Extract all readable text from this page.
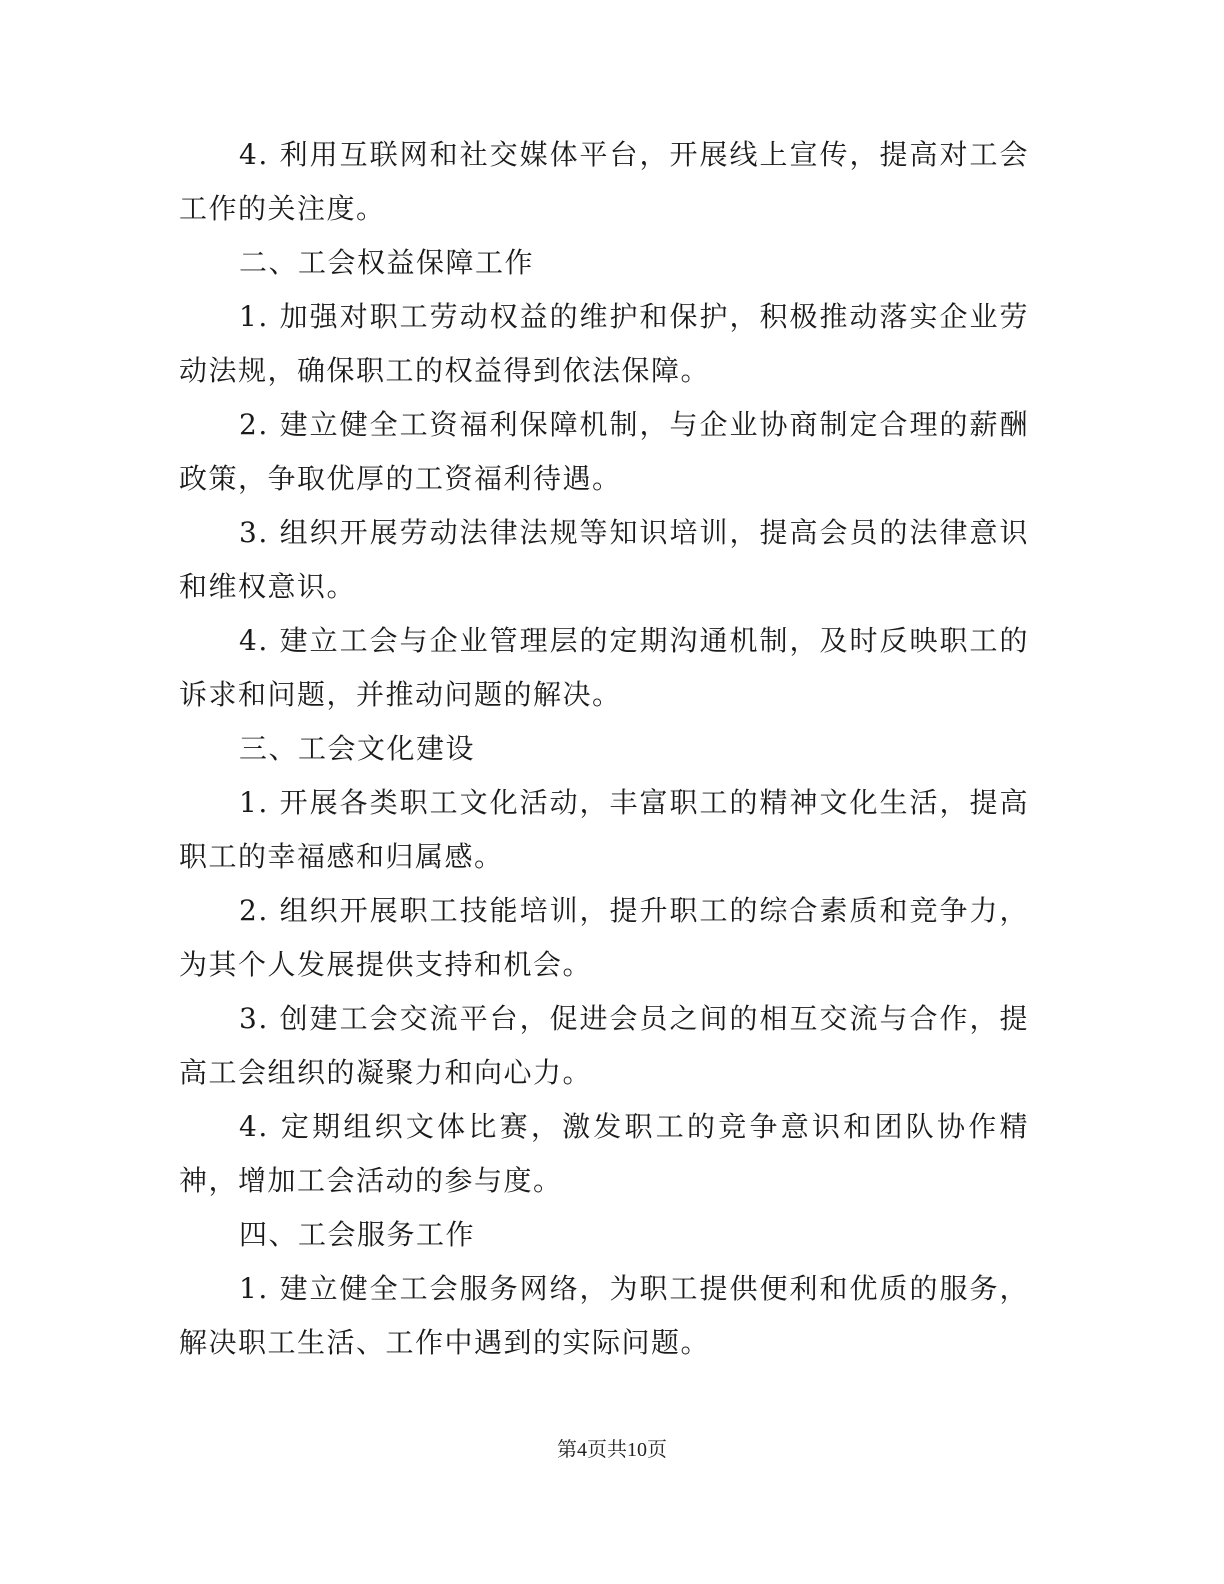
4. 利用互联网和社交媒体平台，开展线上宣传，提高对工会工作的关注度。

二、工会权益保障工作

1. 加强对职工劳动权益的维护和保护，积极推动落实企业劳动法规，确保职工的权益得到依法保障。

2. 建立健全工资福利保障机制，与企业协商制定合理的薪酬政策，争取优厚的工资福利待遇。

3. 组织开展劳动法律法规等知识培训，提高会员的法律意识和维权意识。

4. 建立工会与企业管理层的定期沟通机制，及时反映职工的诉求和问题，并推动问题的解决。

三、工会文化建设

1. 开展各类职工文化活动，丰富职工的精神文化生活，提高职工的幸福感和归属感。

2. 组织开展职工技能培训，提升职工的综合素质和竞争力，为其个人发展提供支持和机会。

3. 创建工会交流平台，促进会员之间的相互交流与合作，提高工会组织的凝聚力和向心力。

4. 定期组织文体比赛，激发职工的竞争意识和团队协作精神，增加工会活动的参与度。

四、工会服务工作

1. 建立健全工会服务网络，为职工提供便利和优质的服务，解决职工生活、工作中遇到的实际问题。

第4页共10页
